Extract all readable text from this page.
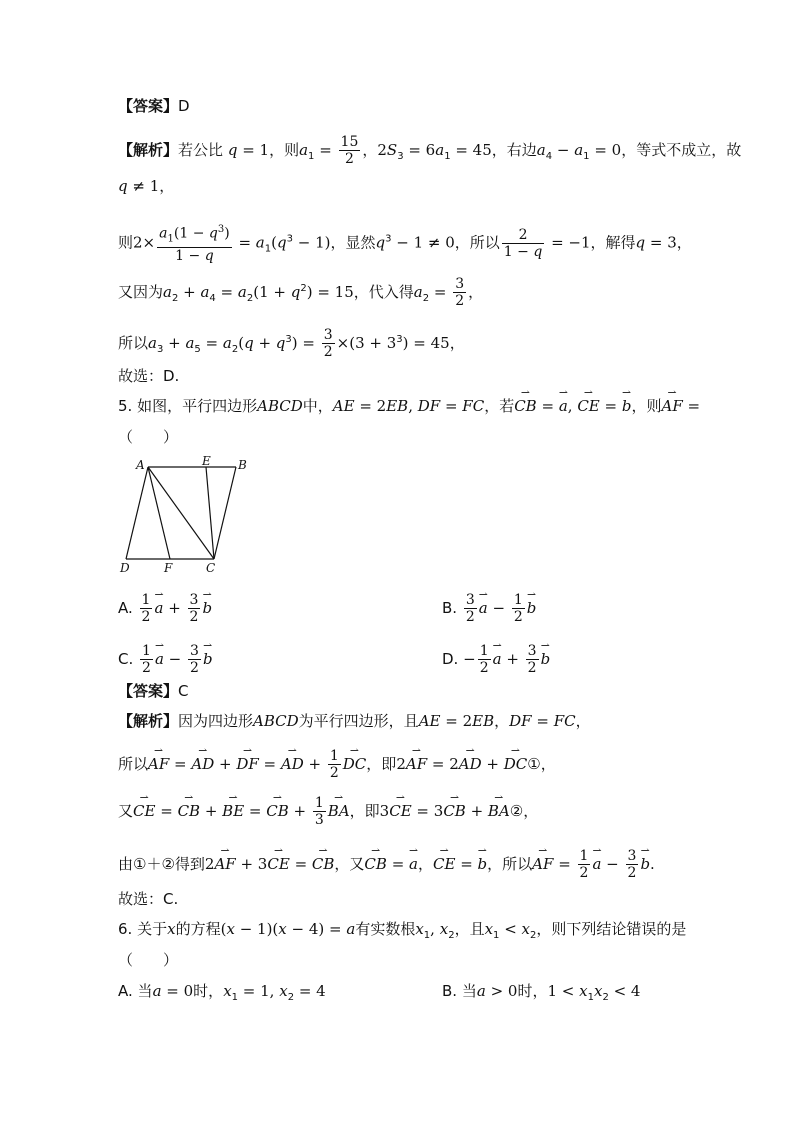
【答案】D
【解析】若公比 q = 1，则$a_1 = \frac{15}{2}$ ，$2S_3 = 6a_1 = 45$，右边$a_4 - a_1 = 0$，等式不成立，故
q ≠ 1，
则$2\times \frac{a_1(1 - q^3)}{1 - q} = a_1(q^3 - 1)$，显然$q^3 - 1 \ne 0$，所以 $\frac{2}{1 - q} = -1$，解得q = 3，
又因为$a_2 + a_4 = a_2(1 + q^2) = 15$，代入得$a_2 = \frac{3}{2}$ ，
所以$a_3 + a_5 = a_2(q + q^3) = \frac{3}{2} \times(3 + 3^3) = 45$，
故选：D.
5. 如图，平行四边形ABCD中，AE = 2EB, DF = FC，若⇀ CB = ⇀ a, ⇀ CE = ⇀ b，则⇀ AF =
（　　）
A	B
E
D	F	C
A. $\frac{1}{2}$ ⇀ $a + \frac{3}{2}$ ⇀ b	B. $\frac{3}{2}$ ⇀ $a - \frac{1}{2}$ ⇀ b
C. $\frac{1}{2}$ ⇀ $a - \frac{3}{2}$ ⇀ b	D. − $\frac{1}{2}$ ⇀ $a + \frac{3}{2}$ ⇀ b
【答案】C
【解析】因为四边形ABCD为平行四边形，且AE = 2EB，DF = FC，
所以⇀ AF = ⇀ AD + ⇀ DF = ⇀ AD + $\frac{1}{2}$ ⇀ DC，即2⇀ AF = 2⇀ AD + ⇀ DC①，
又⇀ CE = ⇀ CB + ⇀ BE = ⇀ CB + $\frac{1}{3}$ ⇀ BA，即3⇀ CE = 3⇀ CB + ⇀ BA②，
由①＋②得到2⇀ AF + 3⇀ CE = ⇀ CB，又⇀ CB = ⇀ a，⇀ CE = ⇀ b，所以⇀ AF = $\frac{1}{2}$ ⇀ $a - \frac{3}{2}$ ⇀ b.
故选：C.
6. 关于x的方程(x − 1)(x − 4) = a有实数根$x_1$, $x_2$，且$x_1 < x_2$，则下列结论错误的是
（　　）
A. 当a = 0时，$x_1 = 1$, $x_2 = 4$	B. 当a > 0时，$1 < x_1x_2 < 4$
